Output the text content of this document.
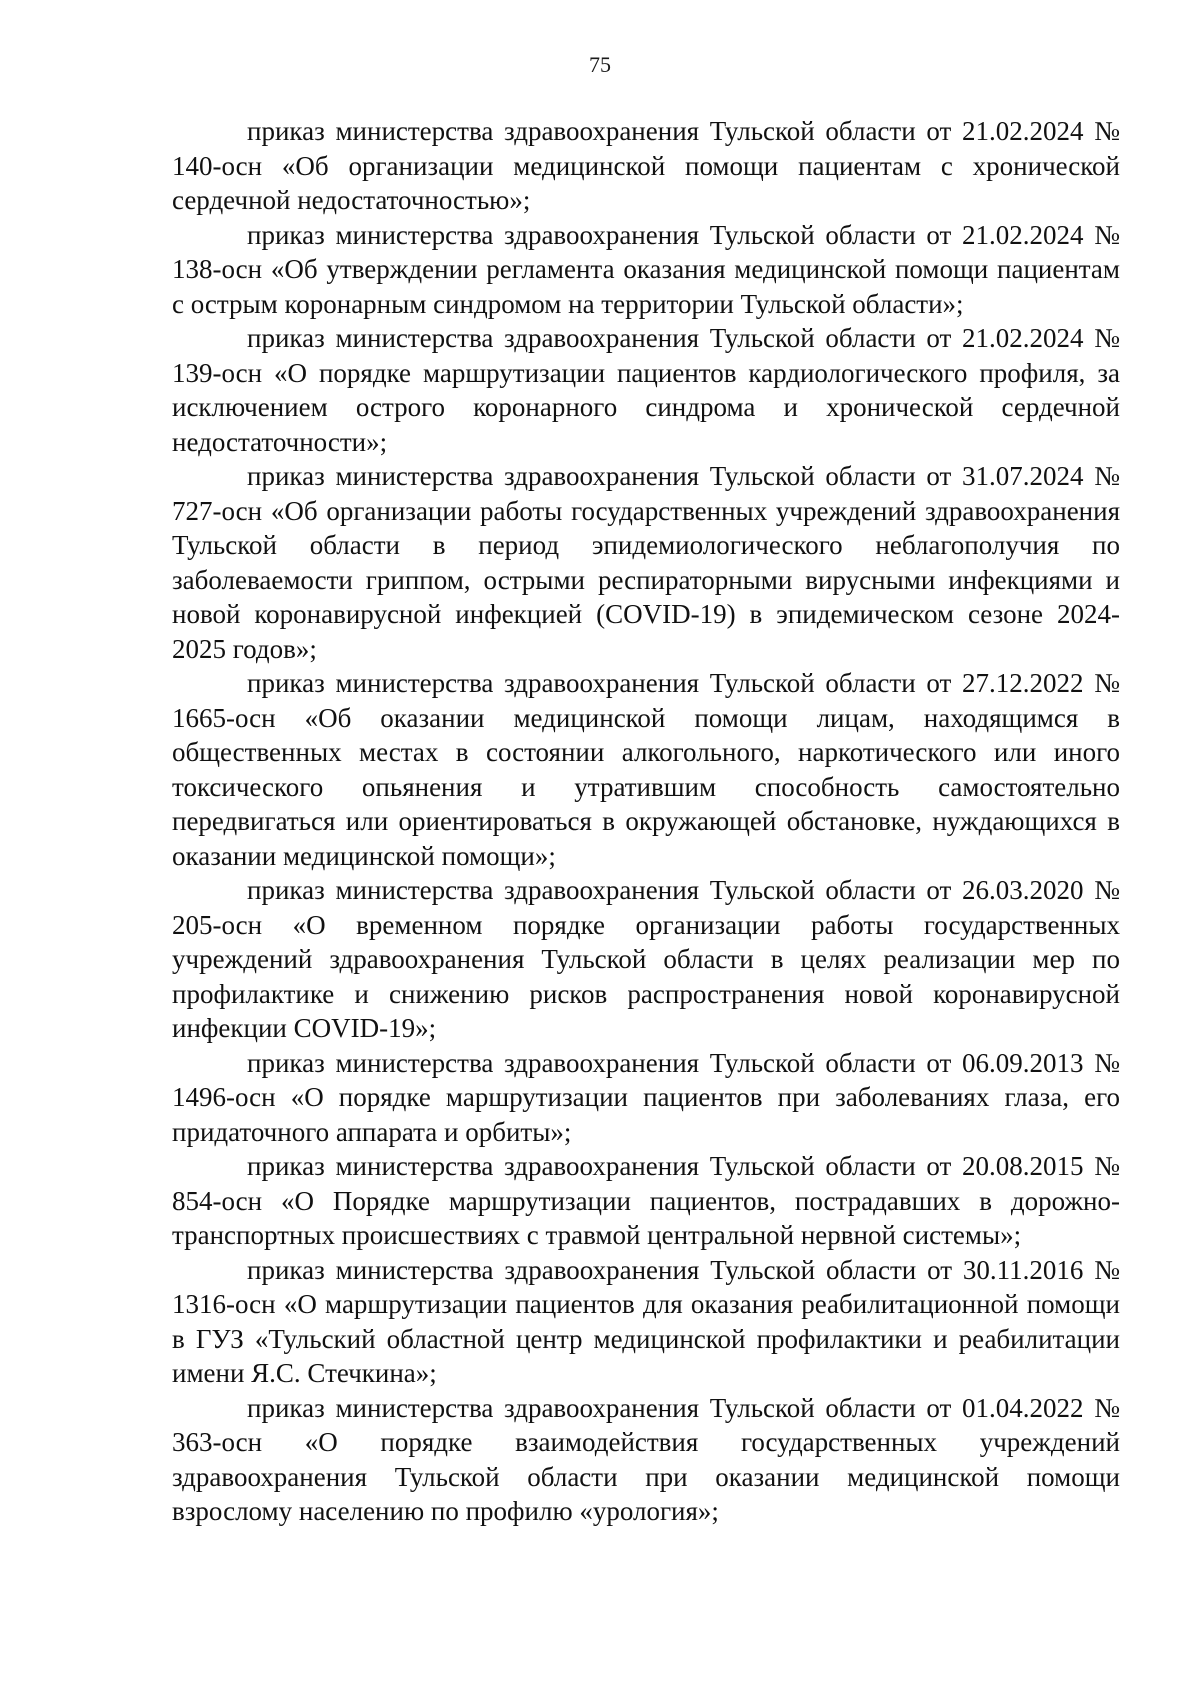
75

приказ министерства здравоохранения Тульской области от 21.02.2024 № 140-осн «Об организации медицинской помощи пациентам с хронической сердечной недостаточностью»;

приказ министерства здравоохранения Тульской области от 21.02.2024 № 138-осн «Об утверждении регламента оказания медицинской помощи пациентам с острым коронарным синдромом на территории Тульской области»;

приказ министерства здравоохранения Тульской области от 21.02.2024 № 139-осн «О порядке маршрутизации пациентов кардиологического профиля, за исключением острого коронарного синдрома и хронической сердечной недостаточности»;

приказ министерства здравоохранения Тульской области от 31.07.2024 № 727-осн «Об организации работы государственных учреждений здравоохранения Тульской области в период эпидемиологического неблагополучия по заболеваемости гриппом, острыми респираторными вирусными инфекциями и новой коронавирусной инфекцией (COVID-19) в эпидемическом сезоне 2024-2025 годов»;

приказ министерства здравоохранения Тульской области от 27.12.2022 № 1665-осн «Об оказании медицинской помощи лицам, находящимся в общественных местах в состоянии алкогольного, наркотического или иного токсического опьянения и утратившим способность самостоятельно передвигаться или ориентироваться в окружающей обстановке, нуждающихся в оказании медицинской помощи»;

приказ министерства здравоохранения Тульской области от 26.03.2020 № 205-осн «О временном порядке организации работы государственных учреждений здравоохранения Тульской области в целях реализации мер по профилактике и снижению рисков распространения новой коронавирусной инфекции COVID-19»;

приказ министерства здравоохранения Тульской области от 06.09.2013 № 1496-осн «О порядке маршрутизации пациентов при заболеваниях глаза, его придаточного аппарата и орбиты»;

приказ министерства здравоохранения Тульской области от 20.08.2015 № 854-осн «О Порядке маршрутизации пациентов, пострадавших в дорожно-транспортных происшествиях с травмой центральной нервной системы»;

приказ министерства здравоохранения Тульской области от 30.11.2016 № 1316-осн «О маршрутизации пациентов для оказания реабилитационной помощи в ГУЗ «Тульский областной центр медицинской профилактики и реабилитации имени Я.С. Стечкина»;

приказ министерства здравоохранения Тульской области от 01.04.2022 № 363-осн «О порядке взаимодействия государственных учреждений здравоохранения Тульской области при оказании медицинской помощи взрослому населению по профилю «урология»;
